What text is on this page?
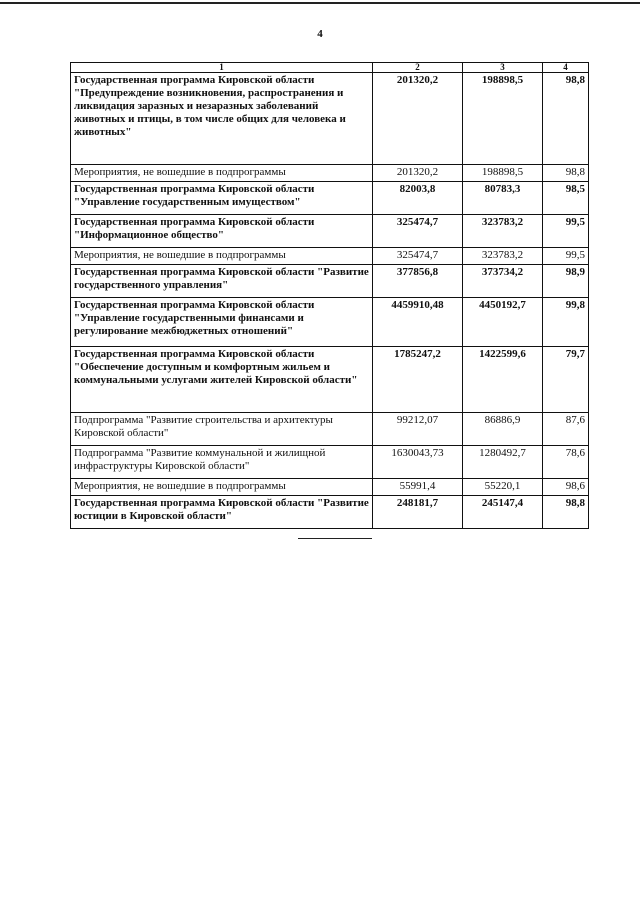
4
1	2	3	4
Государственная программа Кировской области "Предупреждение возникновения, распространения и ликвидация заразных и незаразных заболеваний животных и птицы, в том числе общих для человека и животных"	201320,2	198898,5	98,8
Мероприятия, не вошедшие в подпрограммы	201320,2	198898,5	98,8
Государственная программа Кировской области "Управление государственным имуществом"	82003,8	80783,3	98,5
Государственная программа Кировской области "Информационное общество"	325474,7	323783,2	99,5
Мероприятия, не вошедшие в подпрограммы	325474,7	323783,2	99,5
Государственная программа Кировской области "Развитие государственного управления"	377856,8	373734,2	98,9
Государственная программа Кировской области "Управление государственными финансами и регулирование межбюджетных отношений"	4459910,48	4450192,7	99,8
Государственная программа Кировской области "Обеспечение доступным и комфортным жильем и коммунальными услугами жителей Кировской области"	1785247,2	1422599,6	79,7
Подпрограмма "Развитие строительства и архитектуры Кировской области"	99212,07	86886,9	87,6
Подпрограмма "Развитие коммунальной и жилищной инфраструктуры Кировской области"	1630043,73	1280492,7	78,6
Мероприятия, не вошедшие в подпрограммы	55991,4	55220,1	98,6
Государственная программа Кировской области "Развитие юстиции в Кировской области"	248181,7	245147,4	98,8
